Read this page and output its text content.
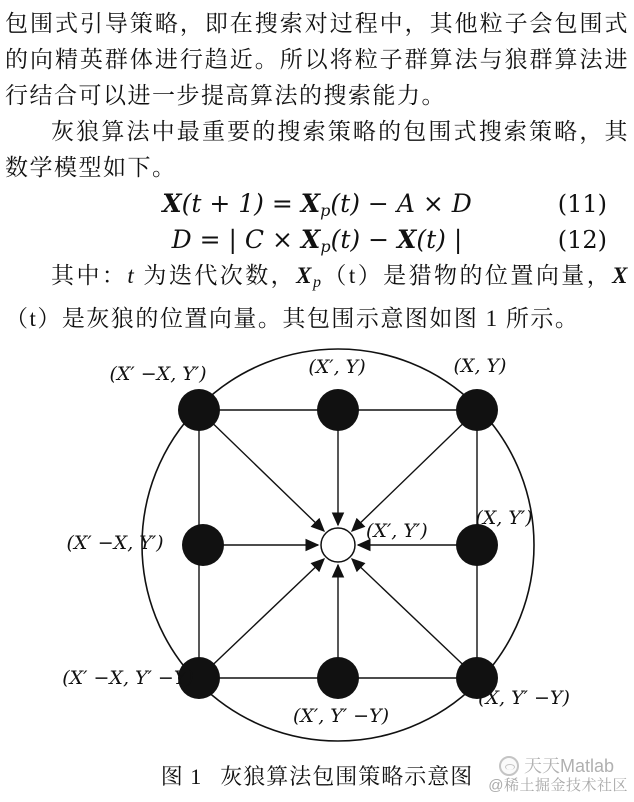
包围式引导策略，即在搜索对过程中，其他粒子会包围式的向精英群体进行趋近。所以将粒子群算法与狼群算法进行结合可以进一步提高算法的搜索能力。

灰狼算法中最重要的搜索策略的包围式搜索策略，其数学模型如下。

X(t + 1) = Xp(t) − A × D	(11)
D = | C × Xp(t) − X(t) |	(12)

其中：t 为迭代次数，Xp（t）是猎物的位置向量，X（t）是灰狼的位置向量。其包围示意图如图 1 所示。

(X′ −X, Y′)	(X′, Y)	(X, Y)
(X′ −X, Y′)
(X′, Y′)
(X, Y′)
(X′ −X, Y′ −Y)
(X′, Y′ −Y)
(X, Y′ −Y)
图 1 灰狼算法包围策略示意图	天天Matlab
@稀土掘金技术社区
